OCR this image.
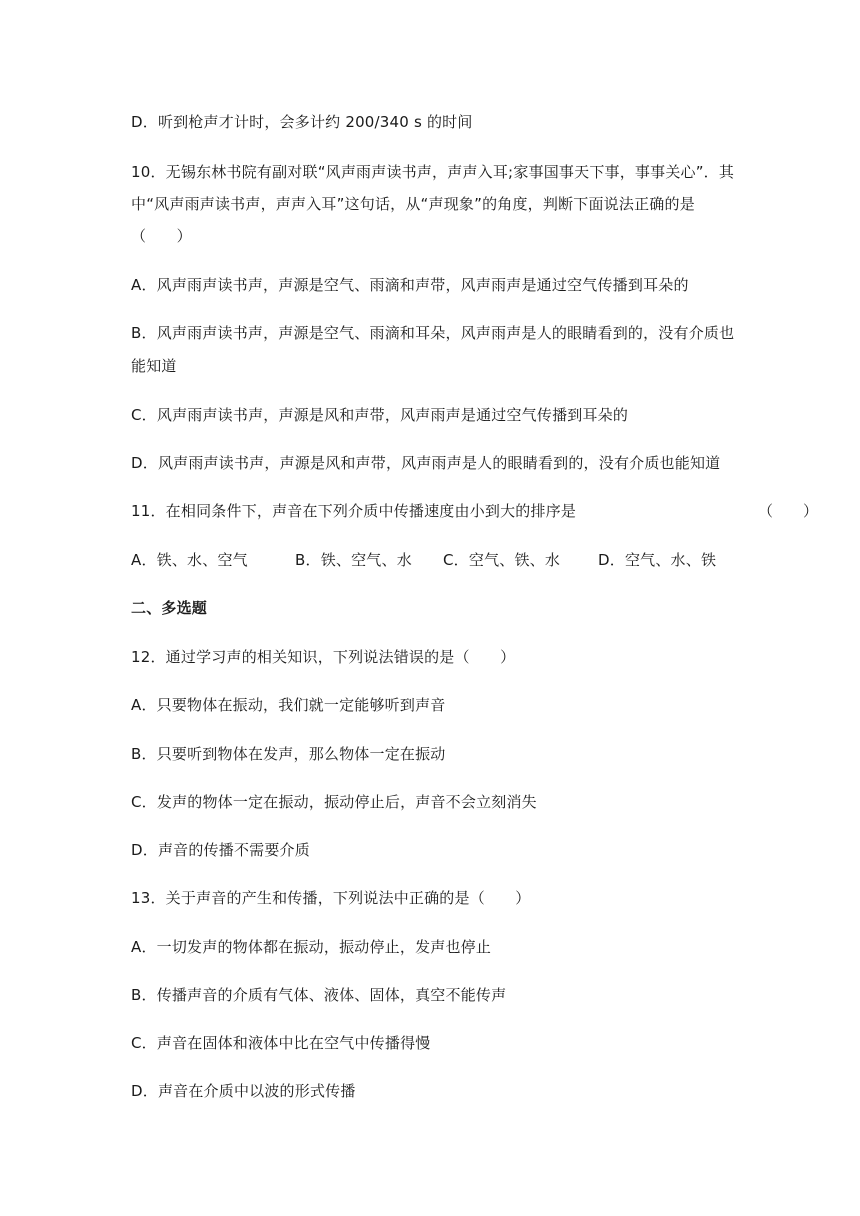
D．听到枪声才计时，会多计约 200/340 s 的时间
10．无锡东林书院有副对联“风声雨声读书声，声声入耳;家事国事天下事，事事关心”．其
中“风声雨声读书声，声声入耳”这句话，从“声现象”的角度，判断下面说法正确的是
（　　）
A．风声雨声读书声，声源是空气、雨滴和声带，风声雨声是通过空气传播到耳朵的
B．风声雨声读书声，声源是空气、雨滴和耳朵，风声雨声是人的眼睛看到的，没有介质也
能知道
C．风声雨声读书声，声源是风和声带，风声雨声是通过空气传播到耳朵的
D．风声雨声读书声，声源是风和声带，风声雨声是人的眼睛看到的，没有介质也能知道
11．在相同条件下，声音在下列介质中传播速度由小到大的排序是	（　　）
A．铁、水、空气	B．铁、空气、水 C．空气、铁、水	D．空气、水、铁
二、多选题
12．通过学习声的相关知识，下列说法错误的是（　　）
A．只要物体在振动，我们就一定能够听到声音
B．只要听到物体在发声，那么物体一定在振动
C．发声的物体一定在振动，振动停止后，声音不会立刻消失
D．声音的传播不需要介质
13．关于声音的产生和传播，下列说法中正确的是（　　）
A．一切发声的物体都在振动，振动停止，发声也停止
B．传播声音的介质有气体、液体、固体，真空不能传声
C．声音在固体和液体中比在空气中传播得慢
D．声音在介质中以波的形式传播
